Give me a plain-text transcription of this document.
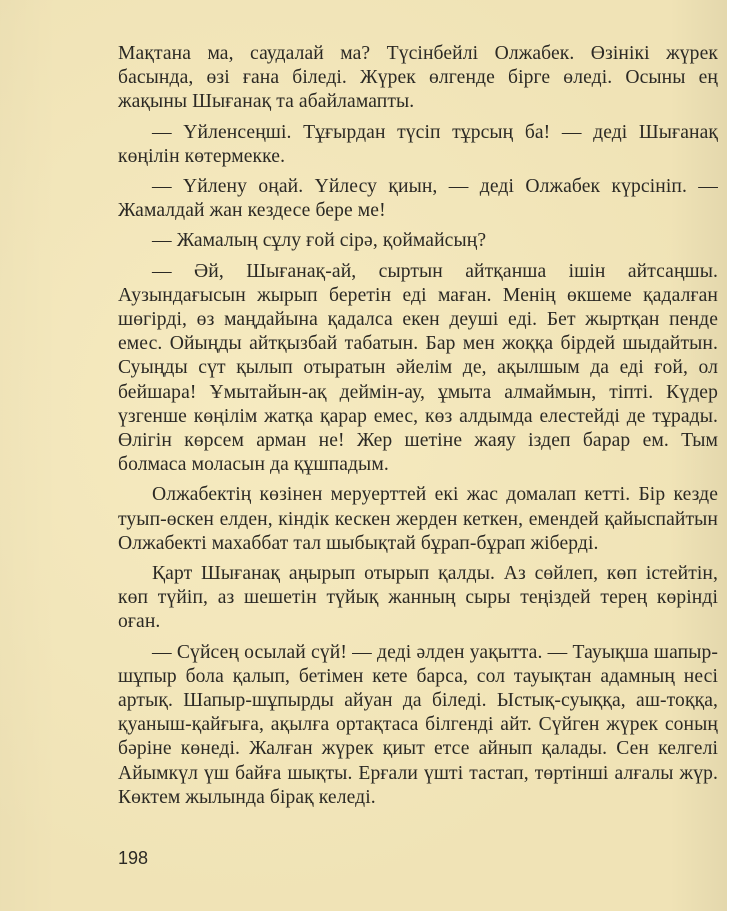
Мақтана ма, саудалай ма? Түсінбейлі Олжабек. Өзінікі жүрек басында, өзі ғана біледі. Жүрек өлгенде бірге өледі. Осыны ең жақыны Шығанақ та абайламапты.

— Үйленсеңші. Тұғырдан түсіп тұрсың ба! — деді Шығанақ көңілін көтермекке.

— Үйлену оңай. Үйлесу қиын, — деді Олжабек күрсініп. — Жамалдай жан кездесе бере ме!

— Жамалың сұлу ғой сірә, қоймайсың?

— Әй, Шығанақ-ай, сыртын айтқанша ішін айтсаңшы. Аузындағысын жырып беретін еді маған. Менің өкшеме қадалған шөгірді, өз маңдайына қадалса екен деуші еді. Бет жыртқан пенде емес. Ойыңды айтқызбай табатын. Бар мен жоққа бірдей шыдайтын. Суыңды сүт қылып отыратын әйелім де, ақылшым да еді ғой, ол бейшара! Ұмытайын-ақ деймін-ау, ұмыта алмаймын, тіпті. Күдер үзгенше көңілім жатқа қарар емес, көз алдымда елестейді де тұрады. Өлігін көрсем арман не! Жер шетіне жаяу іздеп барар ем. Тым болмаса моласын да құшпадым.

Олжабектің көзінен меруерттей екі жас домалап кетті. Бір кезде туып-өскен елден, кіндік кескен жерден кеткен, емендей қайыспайтын Олжабекті махаббат тал шыбықтай бұрап-бұрап жіберді.

Қарт Шығанақ аңырып отырып қалды. Аз сөйлеп, көп істейтін, көп түйіп, аз шешетін түйық жанның сыры теңіздей терең көрінді оған.

— Сүйсең осылай сүй! — деді әлден уақытта. — Тауықша шапыр-шұпыр бола қалып, бетімен кете барса, сол тауықтан адамның несі артық. Шапыр-шұпырды айуан да біледі. Ыстық-суыққа, аш-тоққа, қуаныш-қайғыға, ақылға ортақтаса білгенді айт. Сүйген жүрек соның бәріне көнеді. Жалған жүрек қиыт етсе айнып қалады. Сен келгелі Айымкүл үш байға шықты. Ерғали үшті тастап, төртінші алғалы жүр. Көктем жылында бірақ келеді.

198
